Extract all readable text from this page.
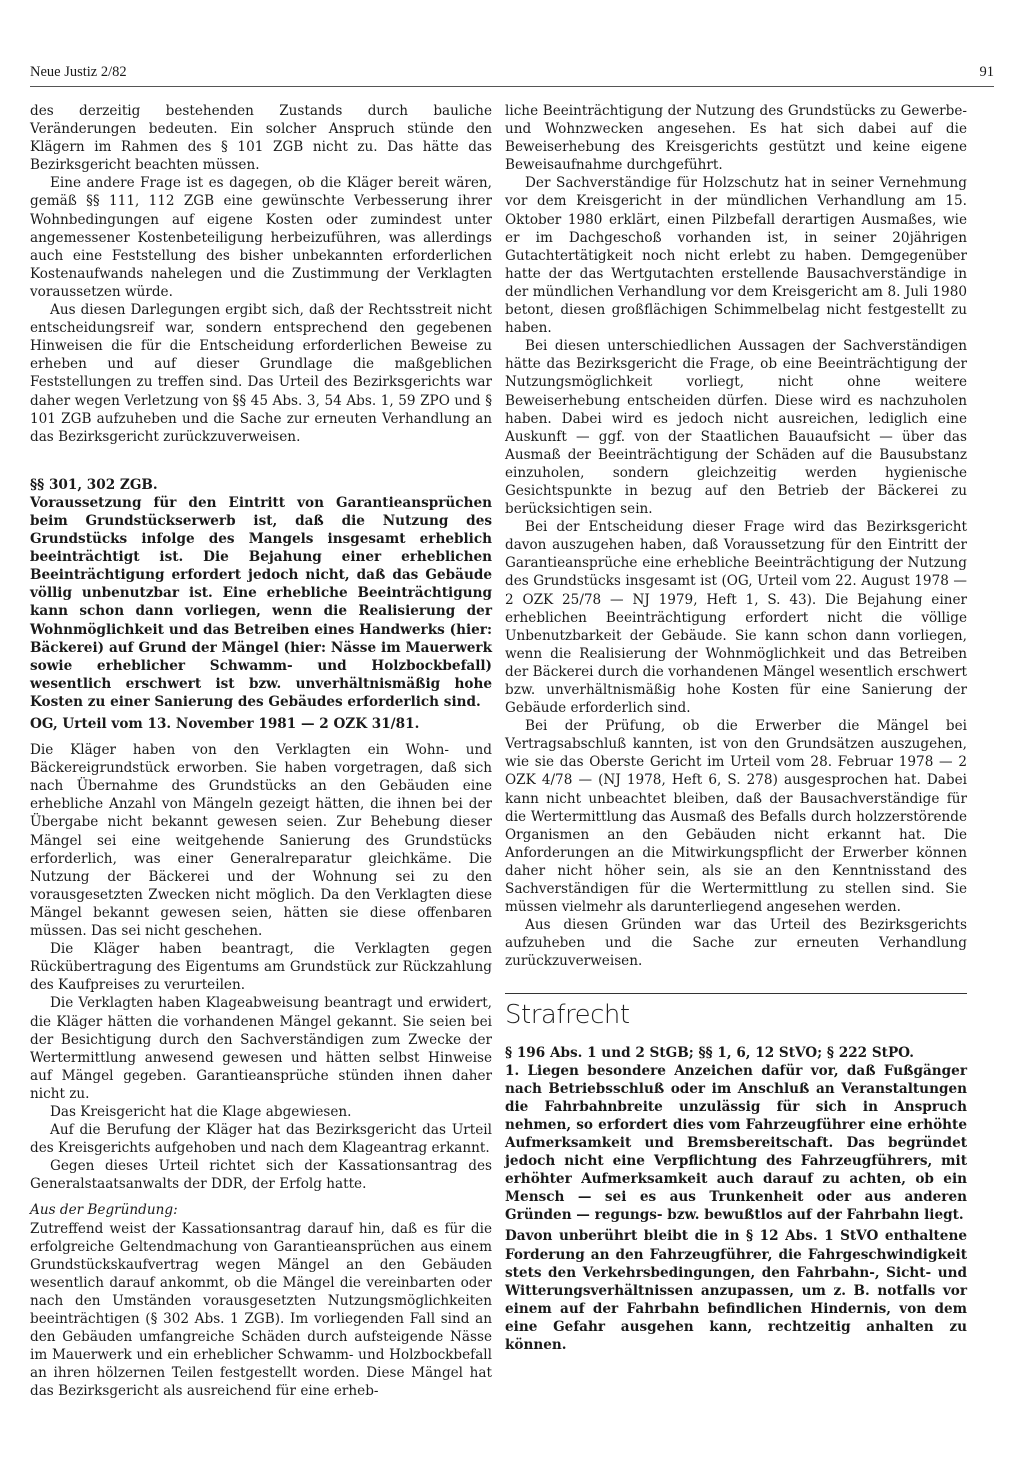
Neue Justiz 2/82	91

des derzeitig bestehenden Zustands durch bauliche Veränderungen bedeuten. Ein solcher Anspruch stünde den Klägern im Rahmen des § 101 ZGB nicht zu. Das hätte das Bezirksgericht beachten müssen.

Eine andere Frage ist es dagegen, ob die Kläger bereit wären, gemäß §§ 111, 112 ZGB eine gewünschte Verbesserung ihrer Wohnbedingungen auf eigene Kosten oder zumindest unter angemessener Kostenbeteiligung herbeizuführen, was allerdings auch eine Feststellung des bisher unbekannten erforderlichen Kostenaufwands nahelegen und die Zustimmung der Verklagten voraussetzen würde.

Aus diesen Darlegungen ergibt sich, daß der Rechtsstreit nicht entscheidungsreif war, sondern entsprechend den gegebenen Hinweisen die für die Entscheidung erforderlichen Beweise zu erheben und auf dieser Grundlage die maßgeblichen Feststellungen zu treffen sind. Das Urteil des Bezirksgerichts war daher wegen Verletzung von §§ 45 Abs. 3, 54 Abs. 1, 59 ZPO und § 101 ZGB aufzuheben und die Sache zur erneuten Verhandlung an das Bezirksgericht zurückzuverweisen.

§§ 301, 302 ZGB.

Voraussetzung für den Eintritt von Garantieansprüchen beim Grundstückserwerb ist, daß die Nutzung des Grundstücks infolge des Mangels insgesamt erheblich beeinträchtigt ist. Die Bejahung einer erheblichen Beeinträchtigung erfordert jedoch nicht, daß das Gebäude völlig unbenutzbar ist. Eine erhebliche Beeinträchtigung kann schon dann vorliegen, wenn die Realisierung der Wohnmöglichkeit und das Betreiben eines Handwerks (hier: Bäckerei) auf Grund der Mängel (hier: Nässe im Mauerwerk sowie erheblicher Schwamm- und Holzbockbefall) wesentlich erschwert ist bzw. unverhältnismäßig hohe Kosten zu einer Sanierung des Gebäudes erforderlich sind.

OG, Urteil vom 13. November 1981 — 2 OZK 31/81.

Die Kläger haben von den Verklagten ein Wohn- und Bäckereigrundstück erworben. Sie haben vorgetragen, daß sich nach Übernahme des Grundstücks an den Gebäuden eine erhebliche Anzahl von Mängeln gezeigt hätten, die ihnen bei der Übergabe nicht bekannt gewesen seien. Zur Behebung dieser Mängel sei eine weitgehende Sanierung des Grundstücks erforderlich, was einer Generalreparatur gleichkäme. Die Nutzung der Bäckerei und der Wohnung sei zu den vorausgesetzten Zwecken nicht möglich. Da den Verklagten diese Mängel bekannt gewesen seien, hätten sie diese offenbaren müssen. Das sei nicht geschehen.

Die Kläger haben beantragt, die Verklagten gegen Rückübertragung des Eigentums am Grundstück zur Rückzahlung des Kaufpreises zu verurteilen.

Die Verklagten haben Klageabweisung beantragt und erwidert, die Kläger hätten die vorhandenen Mängel gekannt. Sie seien bei der Besichtigung durch den Sachverständigen zum Zwecke der Wertermittlung anwesend gewesen und hätten selbst Hinweise auf Mängel gegeben. Garantieansprüche stünden ihnen daher nicht zu.

Das Kreisgericht hat die Klage abgewiesen.

Auf die Berufung der Kläger hat das Bezirksgericht das Urteil des Kreisgerichts aufgehoben und nach dem Klageantrag erkannt.

Gegen dieses Urteil richtet sich der Kassationsantrag des Generalstaatsanwalts der DDR, der Erfolg hatte.

Aus der Begründung:

Zutreffend weist der Kassationsantrag darauf hin, daß es für die erfolgreiche Geltendmachung von Garantieansprüchen aus einem Grundstückskaufvertrag wegen Mängel an den Gebäuden wesentlich darauf ankommt, ob die Mängel die vereinbarten oder nach den Umständen vorausgesetzten Nutzungsmöglichkeiten beeinträchtigen (§ 302 Abs. 1 ZGB). Im vorliegenden Fall sind an den Gebäuden umfangreiche Schäden durch aufsteigende Nässe im Mauerwerk und ein erheblicher Schwamm- und Holzbockbefall an ihren hölzernen Teilen festgestellt worden. Diese Mängel hat das Bezirksgericht als ausreichend für eine erheb-

liche Beeinträchtigung der Nutzung des Grundstücks zu Gewerbe- und Wohnzwecken angesehen. Es hat sich dabei auf die Beweiserhebung des Kreisgerichts gestützt und keine eigene Beweisaufnahme durchgeführt.

Der Sachverständige für Holzschutz hat in seiner Vernehmung vor dem Kreisgericht in der mündlichen Verhandlung am 15. Oktober 1980 erklärt, einen Pilzbefall derartigen Ausmaßes, wie er im Dachgeschoß vorhanden ist, in seiner 20jährigen Gutachtertätigkeit noch nicht erlebt zu haben. Demgegenüber hatte der das Wertgutachten erstellende Bausachverständige in der mündlichen Verhandlung vor dem Kreisgericht am 8. Juli 1980 betont, diesen großflächigen Schimmelbelag nicht festgestellt zu haben.

Bei diesen unterschiedlichen Aussagen der Sachverständigen hätte das Bezirksgericht die Frage, ob eine Beeinträchtigung der Nutzungsmöglichkeit vorliegt, nicht ohne weitere Beweiserhebung entscheiden dürfen. Diese wird es nachzuholen haben. Dabei wird es jedoch nicht ausreichen, lediglich eine Auskunft — ggf. von der Staatlichen Bauaufsicht — über das Ausmaß der Beeinträchtigung der Schäden auf die Bausubstanz einzuholen, sondern gleichzeitig werden hygienische Gesichtspunkte in bezug auf den Betrieb der Bäckerei zu berücksichtigen sein.

Bei der Entscheidung dieser Frage wird das Bezirksgericht davon auszugehen haben, daß Voraussetzung für den Eintritt der Garantieansprüche eine erhebliche Beeinträchtigung der Nutzung des Grundstücks insgesamt ist (OG, Urteil vom 22. August 1978 — 2 OZK 25/78 — NJ 1979, Heft 1, S. 43). Die Bejahung einer erheblichen Beeinträchtigung erfordert nicht die völlige Unbenutzbarkeit der Gebäude. Sie kann schon dann vorliegen, wenn die Realisierung der Wohnmöglichkeit und das Betreiben der Bäckerei durch die vorhandenen Mängel wesentlich erschwert bzw. unverhältnismäßig hohe Kosten für eine Sanierung der Gebäude erforderlich sind.

Bei der Prüfung, ob die Erwerber die Mängel bei Vertragsabschluß kannten, ist von den Grundsätzen auszugehen, wie sie das Oberste Gericht im Urteil vom 28. Februar 1978 — 2 OZK 4/78 — (NJ 1978, Heft 6, S. 278) ausgesprochen hat. Dabei kann nicht unbeachtet bleiben, daß der Bausachverständige für die Wertermittlung das Ausmaß des Befalls durch holzzerstörende Organismen an den Gebäuden nicht erkannt hat. Die Anforderungen an die Mitwirkungspflicht der Erwerber können daher nicht höher sein, als sie an den Kenntnisstand des Sachverständigen für die Wertermittlung zu stellen sind. Sie müssen vielmehr als darunterliegend angesehen werden.

Aus diesen Gründen war das Urteil des Bezirksgerichts aufzuheben und die Sache zur erneuten Verhandlung zurückzuverweisen.

Strafrecht

§ 196 Abs. 1 und 2 StGB; §§ 1, 6, 12 StVO; § 222 StPO.

1. Liegen besondere Anzeichen dafür vor, daß Fußgänger nach Betriebsschluß oder im Anschluß an Veranstaltungen die Fahrbahnbreite unzulässig für sich in Anspruch nehmen, so erfordert dies vom Fahrzeugführer eine erhöhte Aufmerksamkeit und Bremsbereitschaft. Das begründet jedoch nicht eine Verpflichtung des Fahrzeugführers, mit erhöhter Aufmerksamkeit auch darauf zu achten, ob ein Mensch — sei es aus Trunkenheit oder aus anderen Gründen — regungs- bzw. bewußtlos auf der Fahrbahn liegt.

Davon unberührt bleibt die in § 12 Abs. 1 StVO enthaltene Forderung an den Fahrzeugführer, die Fahrgeschwindigkeit stets den Verkehrsbedingungen, den Fahrbahn-, Sicht- und Witterungsverhältnissen anzupassen, um z. B. notfalls vor einem auf der Fahrbahn befindlichen Hindernis, von dem eine Gefahr ausgehen kann, rechtzeitig anhalten zu können.
